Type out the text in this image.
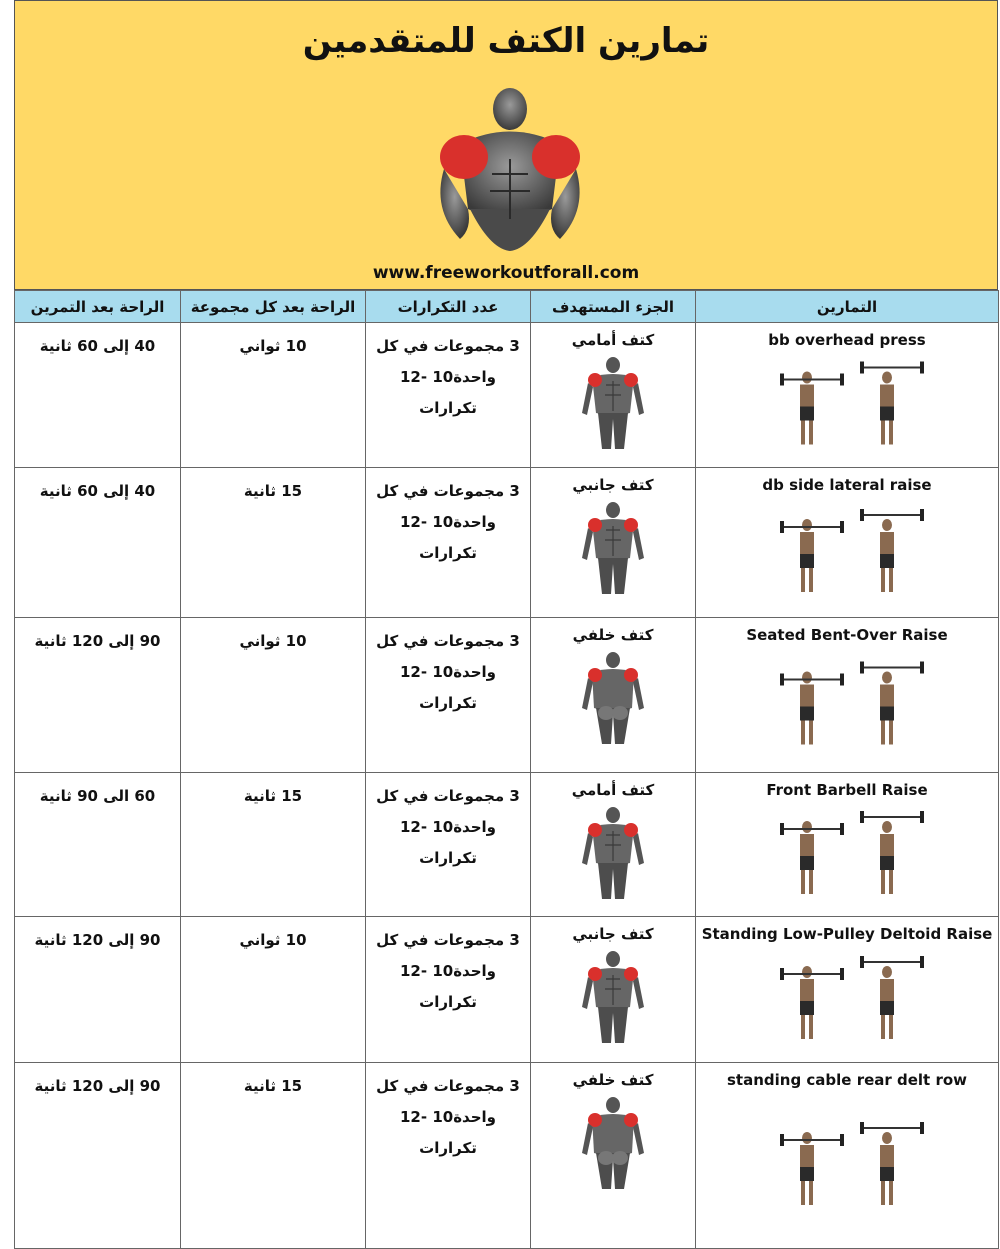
تمارين الكتف للمتقدمين
www.freeworkoutforall.com
الراحة بعد التمرين	الراحة بعد كل مجموعة	عدد التكرارات	الجزء المستهدف	التمارين
40 إلى 60 ثانية	10 ثواني	3 مجموعات في كل
واحدة10 -12
تكرارات	كتف أمامي	bb overhead press

40 إلى 60 ثانية	15 ثانية	3 مجموعات في كل
واحدة10 -12
تكرارات	كتف جانبي	db side lateral raise

90 إلى 120 ثانية	10 ثواني	3 مجموعات في كل
واحدة10 -12
تكرارات	كتف خلفي	Seated Bent-Over Raise

60 الى 90 ثانية	15 ثانية	3 مجموعات في كل
واحدة10 -12
تكرارات	كتف أمامي	Front Barbell Raise

90 إلى 120 ثانية	10 ثواني	3 مجموعات في كل
واحدة10 -12
تكرارات	كتف جانبي	Standing Low-Pulley Deltoid Raise

90 إلى 120 ثانية	15 ثانية	3 مجموعات في كل
واحدة10 -12
تكرارات	كتف خلفي	standing cable rear delt row
